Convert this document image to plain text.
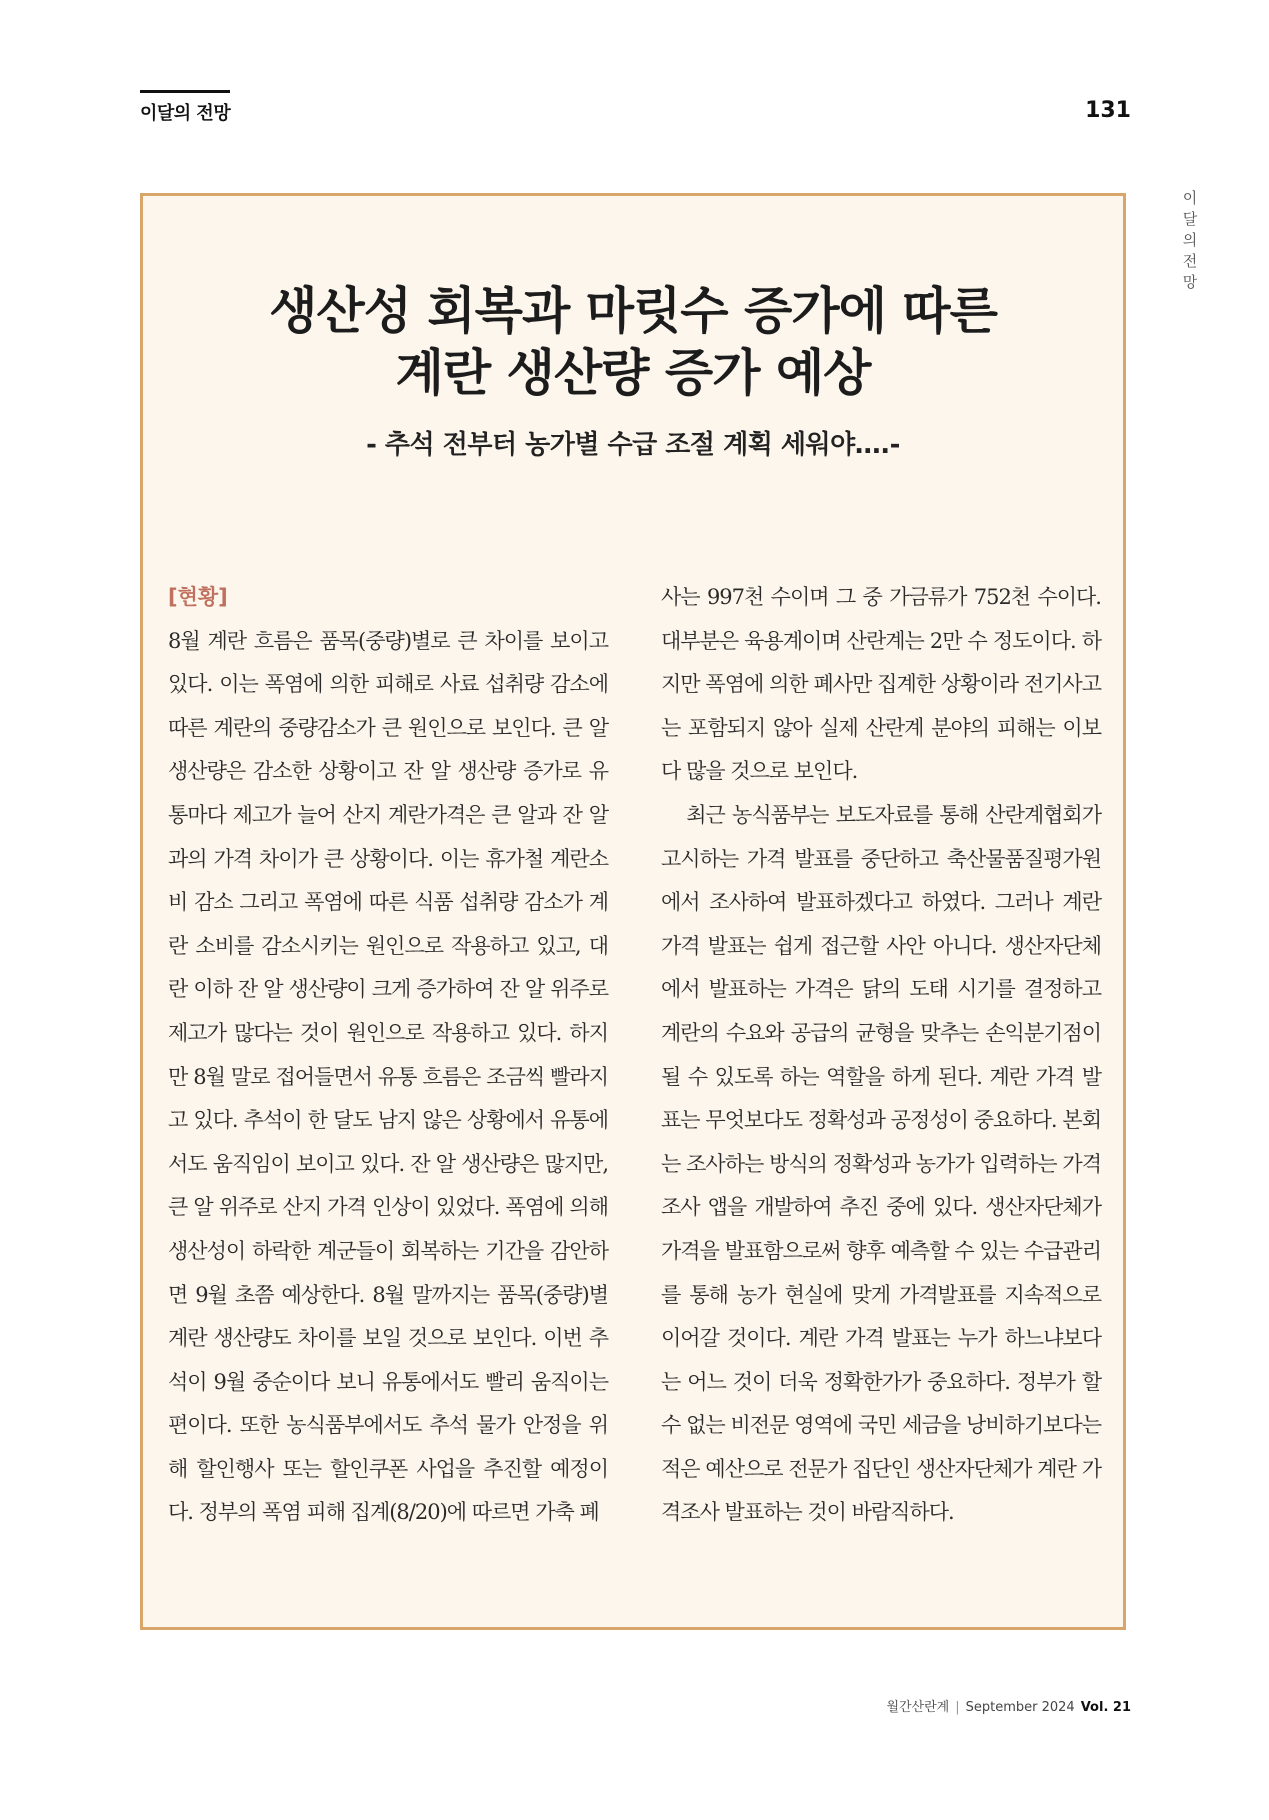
이달의 전망	131
이달의 전망
생산성 회복과 마릿수 증가에 따른
계란 생산량 증가 예상

- 추석 전부터 농가별 수급 조절 계획 세워야….-

[현황]

8월 계란 흐름은 품목(중량)별로 큰 차이를 보이고 있다. 이는 폭염에 의한 피해로 사료 섭취량 감소에 따른 계란의 중량감소가 큰 원인으로 보인다. 큰 알 생산량은 감소한 상황이고 잔 알 생산량 증가로 유통마다 제고가 늘어 산지 계란가격은 큰 알과 잔 알과의 가격 차이가 큰 상황이다. 이는 휴가철 계란소비 감소 그리고 폭염에 따른 식품 섭취량 감소가 계란 소비를 감소시키는 원인으로 작용하고 있고, 대란 이하 잔 알 생산량이 크게 증가하여 잔 알 위주로 제고가 많다는 것이 원인으로 작용하고 있다. 하지만 8월 말로 접어들면서 유통 흐름은 조금씩 빨라지고 있다. 추석이 한 달도 남지 않은 상황에서 유통에서도 움직임이 보이고 있다. 잔 알 생산량은 많지만, 큰 알 위주로 산지 가격 인상이 있었다. 폭염에 의해 생산성이 하락한 계군들이 회복하는 기간을 감안하면 9월 초쯤 예상한다. 8월 말까지는 품목(중량)별 계란 생산량도 차이를 보일 것으로 보인다. 이번 추석이 9월 중순이다 보니 유통에서도 빨리 움직이는 편이다. 또한 농식품부에서도 추석 물가 안정을 위해 할인행사 또는 할인쿠폰 사업을 추진할 예정이다. 정부의 폭염 피해 집계(8/20)에 따르면 가축 폐

사는 997천 수이며 그 중 가금류가 752천 수이다. 대부분은 육용계이며 산란계는 2만 수 정도이다. 하지만 폭염에 의한 폐사만 집계한 상황이라 전기사고는 포함되지 않아 실제 산란계 분야의 피해는 이보다 많을 것으로 보인다.

최근 농식품부는 보도자료를 통해 산란계협회가 고시하는 가격 발표를 중단하고 축산물품질평가원에서 조사하여 발표하겠다고 하였다. 그러나 계란 가격 발표는 쉽게 접근할 사안 아니다. 생산자단체에서 발표하는 가격은 닭의 도태 시기를 결정하고 계란의 수요와 공급의 균형을 맞추는 손익분기점이 될 수 있도록 하는 역할을 하게 된다. 계란 가격 발표는 무엇보다도 정확성과 공정성이 중요하다. 본회는 조사하는 방식의 정확성과 농가가 입력하는 가격조사 앱을 개발하여 추진 중에 있다. 생산자단체가 가격을 발표함으로써 향후 예측할 수 있는 수급관리를 통해 농가 현실에 맞게 가격발표를 지속적으로 이어갈 것이다. 계란 가격 발표는 누가 하느냐보다는 어느 것이 더욱 정확한가가 중요하다. 정부가 할 수 없는 비전문 영역에 국민 세금을 낭비하기보다는 적은 예산으로 전문가 집단인 생산자단체가 계란 가격조사 발표하는 것이 바람직하다.

월간산란계 | September 2024 Vol. 21
